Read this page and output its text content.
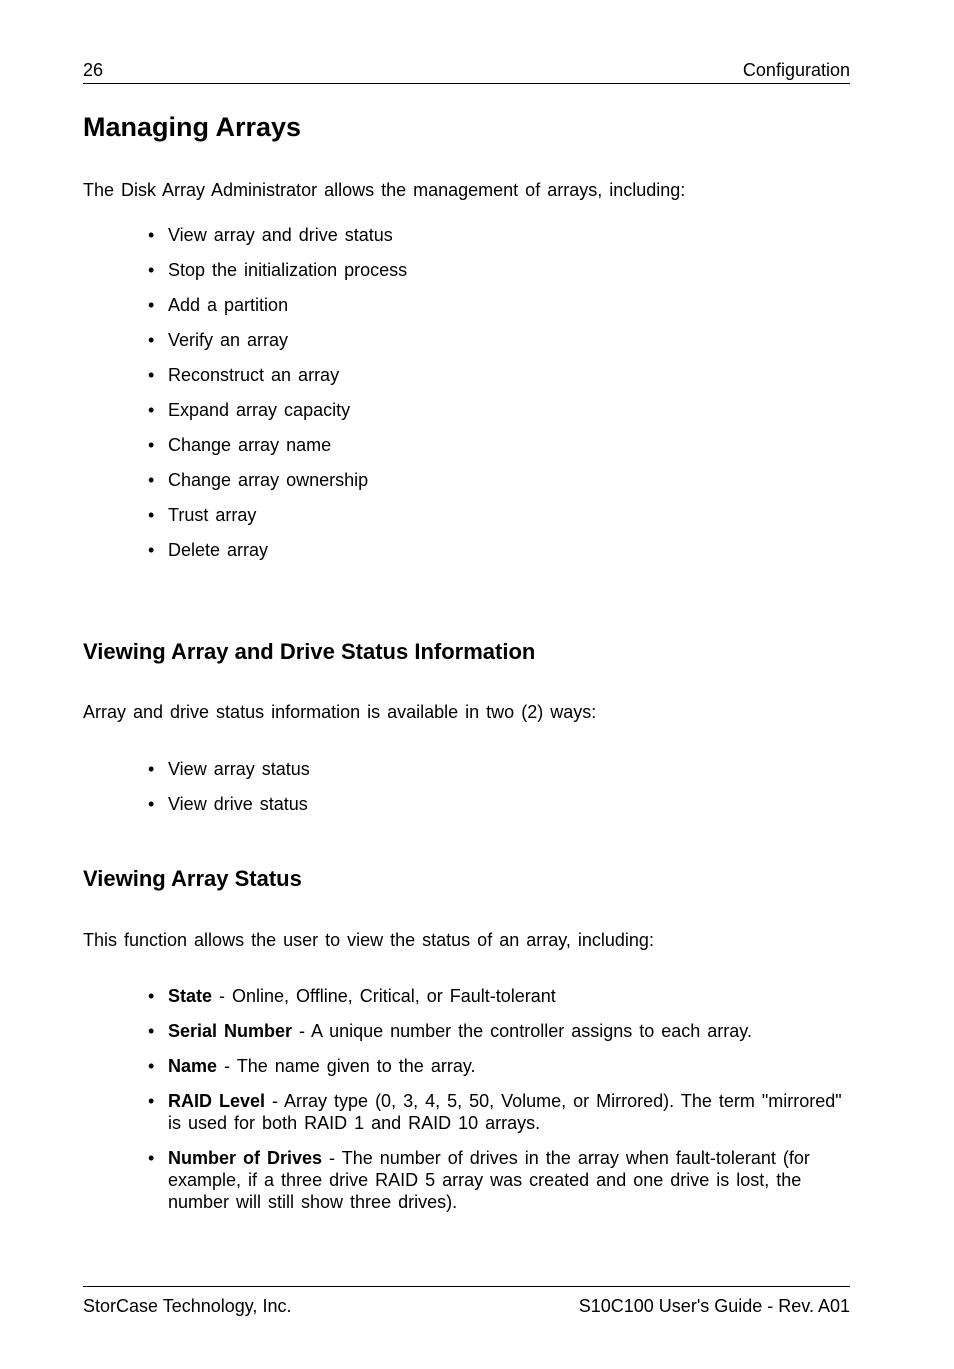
26	Configuration
Managing Arrays

The Disk Array Administrator allows the management of arrays, including:

• View array and drive status
• Stop the initialization process
• Add a partition
• Verify an array
• Reconstruct an array
• Expand array capacity
• Change array name
• Change array ownership
• Trust array
• Delete array
Viewing Array and Drive Status Information

Array and drive status information is available in two (2) ways:

• View array status
• View drive status
Viewing Array Status

This function allows the user to view the status of an array, including:

• State - Online, Offline, Critical, or Fault-tolerant
• Serial Number - A unique number the controller assigns to each array.
• Name - The name given to the array.
• RAID Level - Array type (0, 3, 4, 5, 50, Volume, or Mirrored). The term "mirrored" is used for both RAID 1 and RAID 10 arrays.
• Number of Drives - The number of drives in the array when fault-tolerant (for example, if a three drive RAID 5 array was created and one drive is lost, the number will still show three drives).
StorCase Technology, Inc.	S10C100 User's Guide - Rev. A01
